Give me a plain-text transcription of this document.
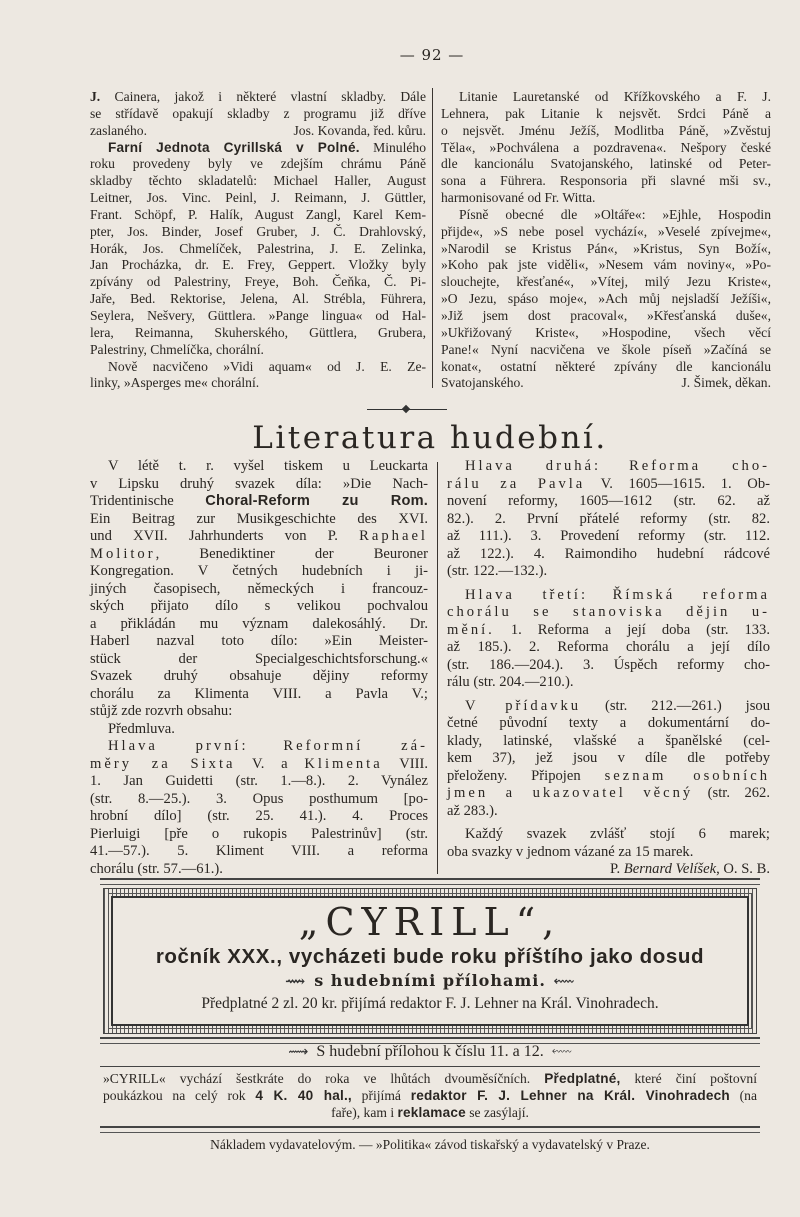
— 92 —
J. Cainera, jakož i některé vlastní skladby. Dále
se střídavě opakují skladby z programu již dříve
zaslaného.	Jos. Kovanda, řed. kůru.
Farní Jednota Cyrillská v Polné. Minulého
roku provedeny byly ve zdejším chrámu Páně
skladby těchto skladatelů: Michael Haller, August
Leitner, Jos. Vinc. Peinl, J. Reimann, J. Güttler,
Frant. Schöpf, P. Halík, August Zangl, Karel Kem-
pter, Jos. Binder, Josef Gruber, J. Č. Drahlovský,
Horák, Jos. Chmelíček, Palestrina, J. E. Zelinka,
Jan Procházka, dr. E. Frey, Geppert. Vložky byly
zpívány od Palestriny, Freye, Boh. Čeňka, Č. Pi-
Jaře, Bed. Rektorise, Jelena, Al. Strébla, Führera,
Seylera, Nešvery, Güttlera. »Pange lingua« od Hal-
lera, Reimanna, Skuherského, Güttlera, Grubera,
Palestriny, Chmelíčka, chorální.
Nově nacvičeno »Vidi aquam« od J. E. Ze-
linky, »Asperges me« chorální.
Litanie Lauretanské od Křížkovského a F. J.
Lehnera, pak Litanie k nejsvět. Srdci Páně a
o nejsvět. Jménu Ježíš, Modlitba Páně, »Zvěstuj
Těla«, »Pochválena a pozdravena«. Nešpory české
dle kancionálu Svatojanského, latinské od Peter-
sona a Führera. Responsoria při slavné mši sv.,
harmonisované od Fr. Witta.
Písně obecné dle »Oltáře«: »Ejhle, Hospodin
přijde«, »S nebe posel vychází«, »Veselé zpívejme«,
»Narodil se Kristus Pán«, »Kristus, Syn Boží«,
»Koho pak jste viděli«, »Nesem vám noviny«, »Po-
slouchejte, křesťané«, »Vítej, milý Jezu Kriste«,
»O Jezu, spáso moje«, »Ach můj nejsladší Ježíši«,
»Již jsem dost pracoval«, »Křesťanská duše«,
»Ukřižovaný Kriste«, »Hospodine, všech věcí
Pane!« Nyní nacvičena ve škole píseň »Začíná se
konat«, ostatní některé zpívány dle kancionálu
Svatojanského.	J. Šimek, děkan.
Literatura hudební.
V létě t. r. vyšel tiskem u Leuckarta
v Lipsku druhý svazek díla: »Die Nach-
Tridentinische Choral-Reform zu Rom.
Ein Beitrag zur Musikgeschichte des XVI.
und XVII. Jahrhunderts von P. Raphael
Molitor, Benediktiner der Beuroner
Kongregation. V četných hudebních i ji-
jiných časopisech, německých i francouz-
ských přijato dílo s velikou pochvalou
a přikládán mu význam dalekosáhlý. Dr.
Haberl nazval toto dílo: »Ein Meister-
stück der Specialgeschichtsforschung.«
Svazek druhý obsahuje dějiny reformy
chorálu za Klimenta VIII. a Pavla V.;
stůjž zde rozvrh obsahu:
Předmluva.
Hlava první: Reformní zá-
měry za Sixta V. a Klimenta VIII.
1. Jan Guidetti (str. 1.—8.). 2. Vynález
(str. 8.—25.). 3. Opus posthumum [po-
hrobní dílo] (str. 25. 41.). 4. Proces
Pierluigi [pře o rukopis Palestrinův] (str.
41.—57.). 5. Kliment VIII. a reforma
chorálu (str. 57.—61.).
Hlava druhá: Reforma cho-
rálu za Pavla V. 1605—1615. 1. Ob-
novení reformy, 1605—1612 (str. 62. až
82.). 2. První přátelé reformy (str. 82.
až 111.). 3. Provedení reformy (str. 112.
až 122.). 4. Raimondiho hudební rádcové
(str. 122.—132.).
Hlava třetí: Římská reforma
chorálu se stanoviska dějin u-
mění. 1. Reforma a její doba (str. 133.
až 185.). 2. Reforma chorálu a její dílo
(str. 186.—204.). 3. Úspěch reformy cho-
rálu (str. 204.—210.).
V přídavku (str. 212.—261.) jsou
četné původní texty a dokumentární do-
klady, latinské, vlašské a španělské (cel-
kem 37), jež jsou v díle dle potřeby
přeloženy. Připojen seznam osobních
jmen a ukazovatel věcný (str. 262.
až 283.).
Každý svazek zvlášť stojí 6 marek;
oba svazky v jednom vázané za 15 marek.
P. Bernard Velíšek, O. S. B.
„CYRILL“,
ročník XXX., vycházeti bude roku příštího jako dosud
⟿ s hudebními přílohami. ⬳
Předplatné 2 zl. 20 kr. přijímá redaktor F. J. Lehner na Král. Vinohradech.
⟿ S hudební přílohou k číslu 11. a 12. ⬳
»CYRILL« vychází šestkráte do roka ve lhůtách dvouměsíčních. Předplatné, které činí poštovní
poukázkou na celý rok 4 K. 40 hal., přijímá redaktor F. J. Lehner na Král. Vinohradech (na
faře), kam i reklamace se zasýlají.
Nákladem vydavatelovým. — »Politika« závod tiskařský a vydavatelský v Praze.
